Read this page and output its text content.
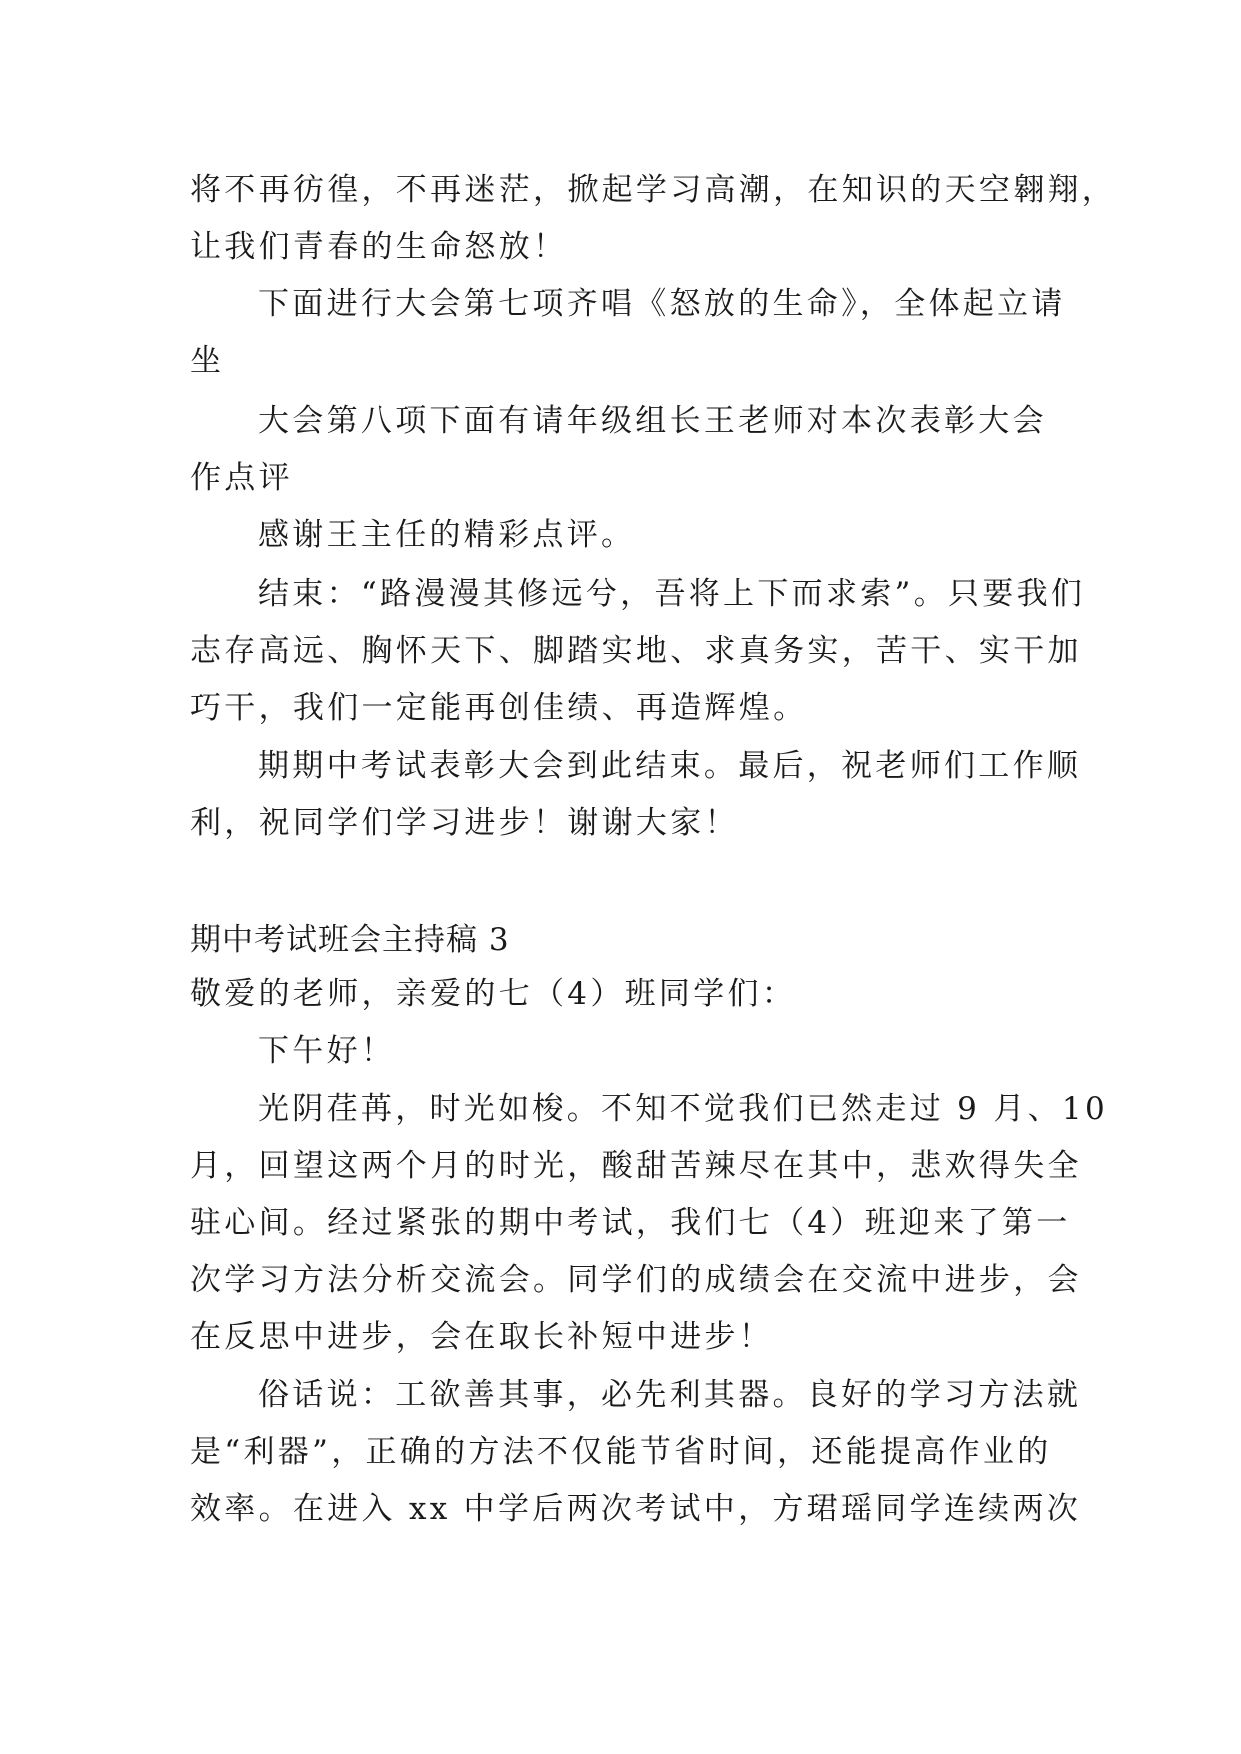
将不再彷徨，不再迷茫，掀起学习高潮，在知识的天空翱翔，
让我们青春的生命怒放！
下面进行大会第七项齐唱《怒放的生命》，全体起立请
坐
大会第八项下面有请年级组长王老师对本次表彰大会
作点评
感谢王主任的精彩点评。
结束：“路漫漫其修远兮，吾将上下而求索”。只要我们
志存高远、胸怀天下、脚踏实地、求真务实，苦干、实干加
巧干，我们一定能再创佳绩、再造辉煌。
期期中考试表彰大会到此结束。最后，祝老师们工作顺
利，祝同学们学习进步！谢谢大家！
期中考试班会主持稿 3
敬爱的老师，亲爱的七（4）班同学们：
下午好！
光阴荏苒，时光如梭。不知不觉我们已然走过 9 月、10
月，回望这两个月的时光，酸甜苦辣尽在其中，悲欢得失全
驻心间。经过紧张的期中考试，我们七（4）班迎来了第一
次学习方法分析交流会。同学们的成绩会在交流中进步，会
在反思中进步，会在取长补短中进步！
俗话说：工欲善其事，必先利其器。良好的学习方法就
是“利器”，正确的方法不仅能节省时间，还能提高作业的
效率。在进入 xx 中学后两次考试中，方珺瑶同学连续两次
